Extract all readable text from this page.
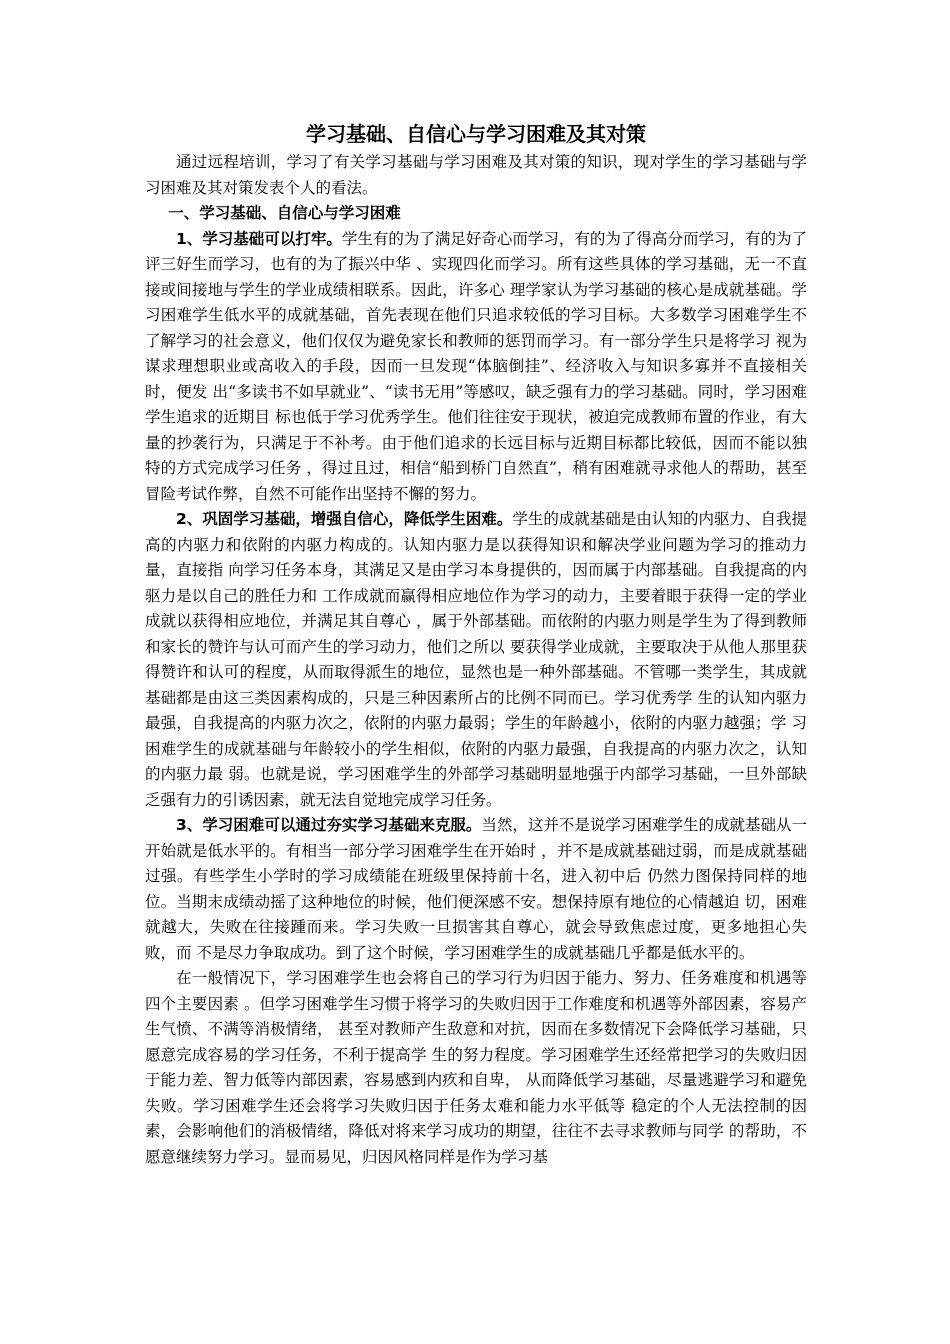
学习基础、自信心与学习困难及其对策

通过远程培训，学习了有关学习基础与学习困难及其对策的知识，现对学生的学习基础与学习困难及其对策发表个人的看法。

一、学习基础、自信心与学习困难

1、学习基础可以打牢。学生有的为了满足好奇心而学习，有的为了得高分而学习，有的为了评三好生而学习，也有的为了振兴中华 、实现四化而学习。所有这些具体的学习基础，无一不直接或间接地与学生的学业成绩相联系。因此，许多心 理学家认为学习基础的核心是成就基础。学习困难学生低水平的成就基础，首先表现在他们只追求较低的学习目标。大多数学习困难学生不了解学习的社会意义，他们仅仅为避免家长和教师的惩罚而学习。有一部分学生只是将学习 视为谋求理想职业或高收入的手段，因而一旦发现“体脑倒挂”、经济收入与知识多寡并不直接相关时，便发 出“多读书不如早就业”、“读书无用”等感叹，缺乏强有力的学习基础。同时，学习困难学生追求的近期目 标也低于学习优秀学生。他们往往安于现状，被迫完成教师布置的作业，有大量的抄袭行为，只满足于不补考。由于他们追求的长远目标与近期目标都比较低，因而不能以独特的方式完成学习任务 ，得过且过，相信“船到桥门自然直”，稍有困难就寻求他人的帮助，甚至冒险考试作弊，自然不可能作出坚持不懈的努力。

2、巩固学习基础，增强自信心，降低学生困难。学生的成就基础是由认知的内驱力、自我提高的内驱力和依附的内驱力构成的。认知内驱力是以获得知识和解决学业问题为学习的推动力量，直接指 向学习任务本身，其满足又是由学习本身提供的，因而属于内部基础。自我提高的内驱力是以自己的胜任力和 工作成就而赢得相应地位作为学习的动力，主要着眼于获得一定的学业成就以获得相应地位，并满足其自尊心 ，属于外部基础。而依附的内驱力则是学生为了得到教师和家长的赞许与认可而产生的学习动力，他们之所以 要获得学业成就，主要取决于从他人那里获得赞许和认可的程度，从而取得派生的地位，显然也是一种外部基础。不管哪一类学生，其成就基础都是由这三类因素构成的，只是三种因素所占的比例不同而已。学习优秀学 生的认知内驱力最强，自我提高的内驱力次之，依附的内驱力最弱；学生的年龄越小，依附的内驱力越强；学 习困难学生的成就基础与年龄较小的学生相似，依附的内驱力最强，自我提高的内驱力次之，认知的内驱力最 弱。也就是说，学习困难学生的外部学习基础明显地强于内部学习基础，一旦外部缺乏强有力的引诱因素，就无法自觉地完成学习任务。

3、学习困难可以通过夯实学习基础来克服。当然，这并不是说学习困难学生的成就基础从一开始就是低水平的。有相当一部分学习困难学生在开始时 ，并不是成就基础过弱，而是成就基础过强。有些学生小学时的学习成绩能在班级里保持前十名，进入初中后 仍然力图保持同样的地位。当期末成绩动摇了这种地位的时候，他们便深感不安。想保持原有地位的心情越迫 切，困难就越大，失败在往接踵而来。学习失败一旦损害其自尊心，就会导致焦虑过度，更多地担心失败，而 不是尽力争取成功。到了这个时候，学习困难学生的成就基础几乎都是低水平的。

在一般情况下，学习困难学生也会将自己的学习行为归因于能力、努力、任务难度和机遇等四个主要因素 。但学习困难学生习惯于将学习的失败归因于工作难度和机遇等外部因素，容易产生气愤、不满等消极情绪， 甚至对教师产生敌意和对抗，因而在多数情况下会降低学习基础，只愿意完成容易的学习任务，不利于提高学 生的努力程度。学习困难学生还经常把学习的失败归因于能力差、智力低等内部因素，容易感到内疚和自卑， 从而降低学习基础，尽量逃避学习和避免失败。学习困难学生还会将学习失败归因于任务太难和能力水平低等 稳定的个人无法控制的因素，会影响他们的消极情绪，降低对将来学习成功的期望，往往不去寻求教师与同学 的帮助，不愿意继续努力学习。显而易见，归因风格同样是作为学习基
